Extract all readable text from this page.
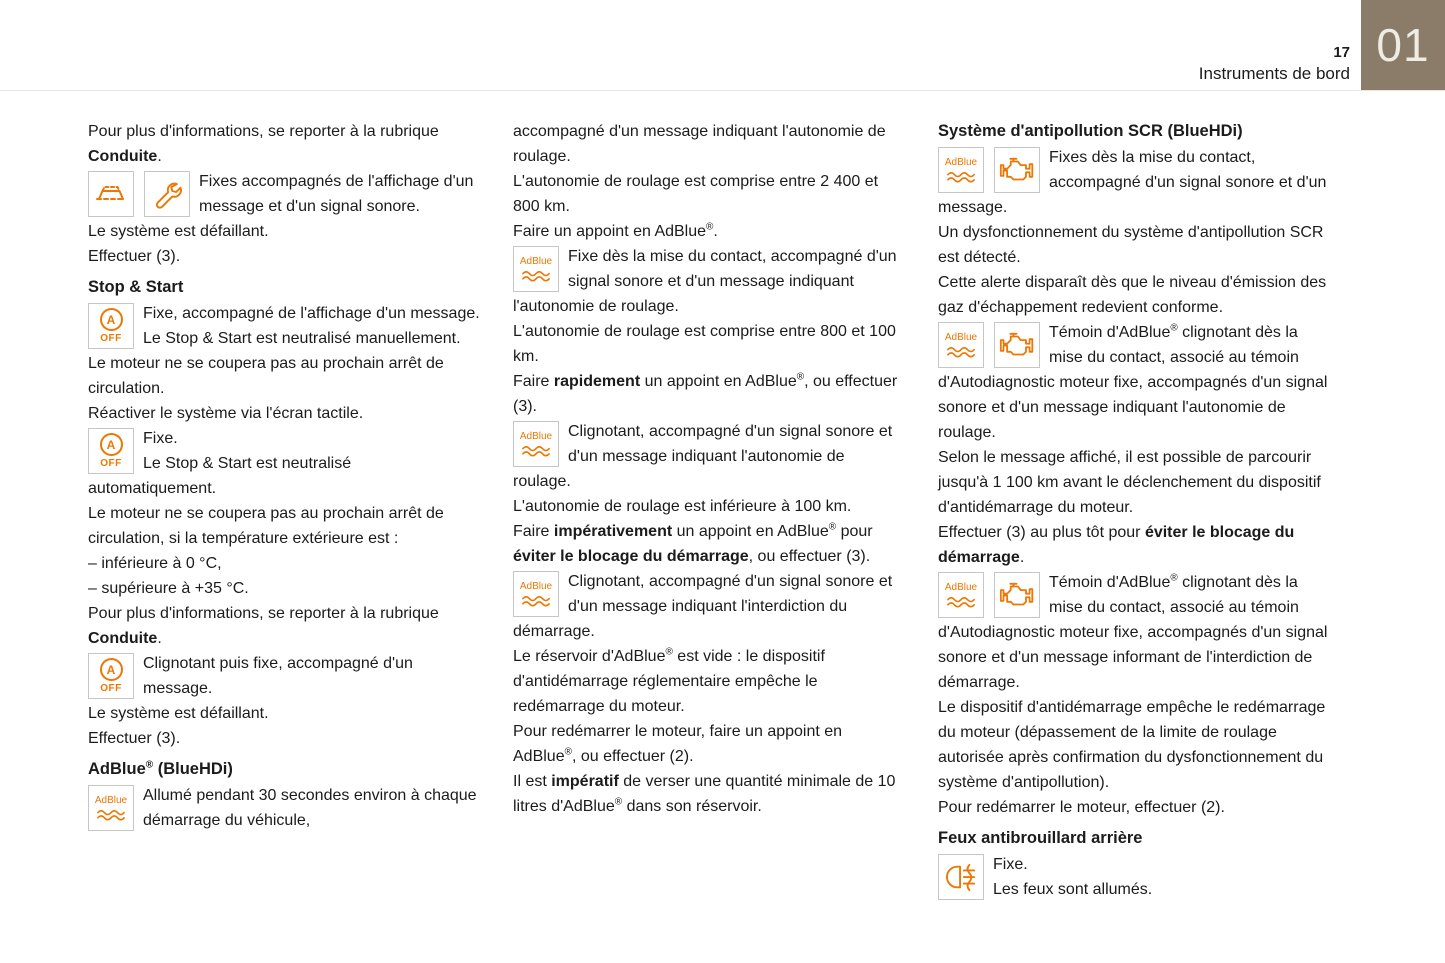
17
Instruments de bord
01

Pour plus d'informations, se reporter à la rubrique Conduite.

Fixes accompagnés de l'affichage d'un message et d'un signal sonore.

Le système est défaillant.

Effectuer (3).

Stop & Start
A
OFF

Fixe, accompagné de l'affichage d'un message.

Le Stop & Start est neutralisé manuellement.

Le moteur ne se coupera pas au prochain arrêt de circulation.

Réactiver le système via l'écran tactile.

A
OFF

Fixe.

Le Stop & Start est neutralisé automatiquement.

Le moteur ne se coupera pas au prochain arrêt de circulation, si la température extérieure est :

– inférieure à 0 °C,

– supérieure à +35 °C.

Pour plus d'informations, se reporter à la rubrique Conduite.

A
OFF

Clignotant puis fixe, accompagné d'un message.

Le système est défaillant.

Effectuer (3).

AdBlue® (BlueHDi)
AdBlue Allumé pendant 30 secondes environ à chaque démarrage du véhicule,

accompagné d'un message indiquant l'autonomie de roulage.

L'autonomie de roulage est comprise entre 2 400 et 800 km.

Faire un appoint en AdBlue®.

AdBlue Fixe dès la mise du contact, accompagné d'un signal sonore et d'un message indiquant l'autonomie de roulage.

L'autonomie de roulage est comprise entre 800 et 100 km.

Faire rapidement un appoint en AdBlue®, ou effectuer (3).

AdBlue Clignotant, accompagné d'un signal sonore et d'un message indiquant l'autonomie de roulage.

L'autonomie de roulage est inférieure à 100 km.

Faire impérativement un appoint en AdBlue® pour éviter le blocage du démarrage, ou effectuer (3).

AdBlue Clignotant, accompagné d'un signal sonore et d'un message indiquant l'interdiction du démarrage.

Le réservoir d'AdBlue® est vide : le dispositif d'antidémarrage réglementaire empêche le redémarrage du moteur.

Pour redémarrer le moteur, faire un appoint en AdBlue®, ou effectuer (2).

Il est impératif de verser une quantité minimale de 10 litres d'AdBlue® dans son réservoir.

Système d'antipollution SCR (BlueHDi)
AdBlue	Fixes dès la mise du contact, accompagné d'un signal sonore et d'un message.

Un dysfonctionnement du système d'antipollution SCR est détecté.

Cette alerte disparaît dès que le niveau d'émission des gaz d'échappement redevient conforme.

AdBlue	Témoin d'AdBlue® clignotant dès la mise du contact, associé au témoin d'Autodiagnostic moteur fixe, accompagnés d'un signal sonore et d'un message indiquant l'autonomie de roulage.

Selon le message affiché, il est possible de parcourir jusqu'à 1 100 km avant le déclenchement du dispositif d'antidémarrage du moteur.

Effectuer (3) au plus tôt pour éviter le blocage du démarrage.

AdBlue	Témoin d'AdBlue® clignotant dès la mise du contact, associé au témoin d'Autodiagnostic moteur fixe, accompagnés d'un signal sonore et d'un message informant de l'interdiction de démarrage.

Le dispositif d'antidémarrage empêche le redémarrage du moteur (dépassement de la limite de roulage autorisée après confirmation du dysfonctionnement du système d'antipollution).

Pour redémarrer le moteur, effectuer (2).

Feux antibrouillard arrière

Fixe.

Les feux sont allumés.
